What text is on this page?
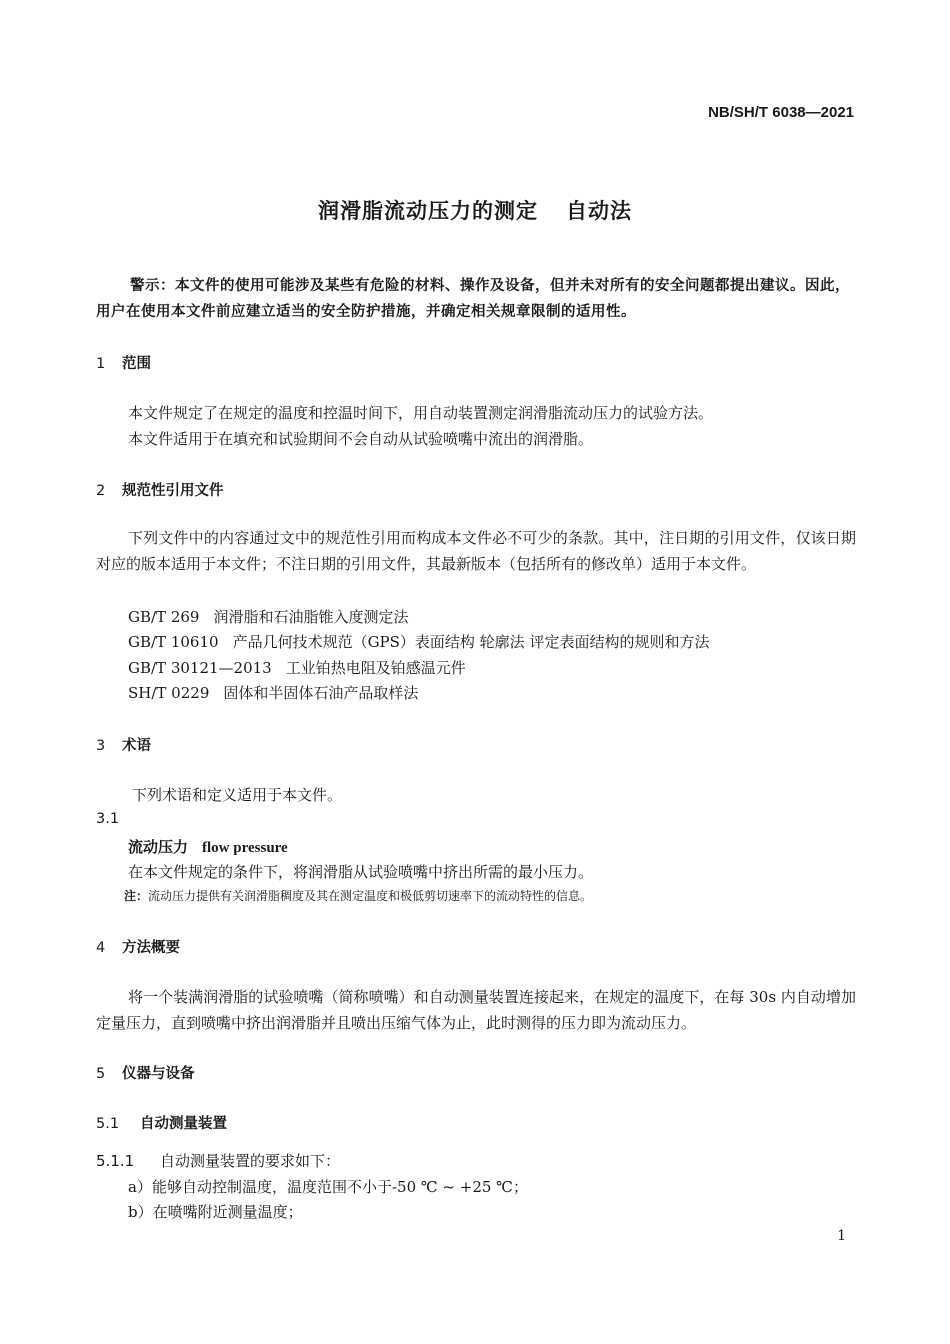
NB/SH/T 6038—2021
润滑脂流动压力的测定 自动法
警示：本文件的使用可能涉及某些有危险的材料、操作及设备，但并未对所有的安全问题都提出建议。因此，用户在使用本文件前应建立适当的安全防护措施，并确定相关规章限制的适用性。
1 范围
本文件规定了在规定的温度和控温时间下，用自动装置测定润滑脂流动压力的试验方法。
本文件适用于在填充和试验期间不会自动从试验喷嘴中流出的润滑脂。
2 规范性引用文件
下列文件中的内容通过文中的规范性引用而构成本文件必不可少的条款。其中，注日期的引用文件，仅该日期对应的版本适用于本文件；不注日期的引用文件，其最新版本（包括所有的修改单）适用于本文件。
GB/T 269 润滑脂和石油脂锥入度测定法
GB/T 10610 产品几何技术规范（GPS）表面结构 轮廓法 评定表面结构的规则和方法
GB/T 30121—2013 工业铂热电阻及铂感温元件
SH/T 0229 固体和半固体石油产品取样法
3 术语
下列术语和定义适用于本文件。
3.1
流动压力 flow pressure
在本文件规定的条件下，将润滑脂从试验喷嘴中挤出所需的最小压力。
注：流动压力提供有关润滑脂稠度及其在测定温度和极低剪切速率下的流动特性的信息。
4 方法概要
将一个装满润滑脂的试验喷嘴（简称喷嘴）和自动测量装置连接起来，在规定的温度下，在每 30s 内自动增加定量压力，直到喷嘴中挤出润滑脂并且喷出压缩气体为止，此时测得的压力即为流动压力。
5 仪器与设备
5.1 自动测量装置
5.1.1 自动测量装置的要求如下：
a）能够自动控制温度，温度范围不小于-50 ℃ ~ +25 ℃；
b）在喷嘴附近测量温度；
1
